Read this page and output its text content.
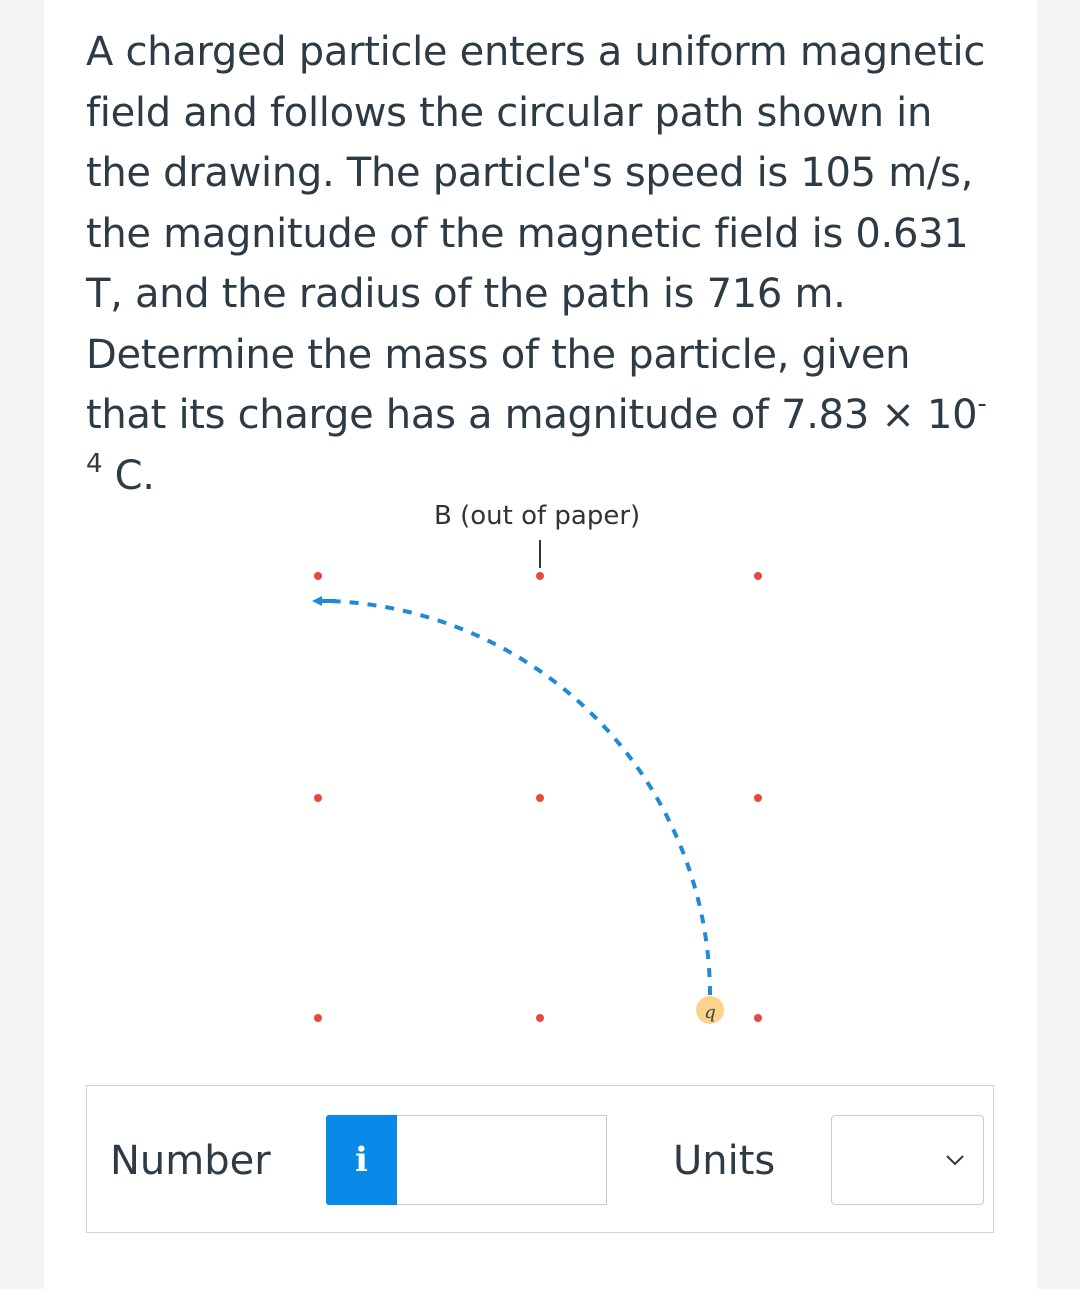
A charged particle enters a uniform magnetic field and follows the circular path shown in the drawing. The particle's speed is 105 m/s, the magnitude of the magnetic field is 0.631 T, and the radius of the path is 716 m. Determine the mass of the particle, given that its charge has a magnitude of $7.83 \times 10^{-4}$ C.

B (out of paper)
q
Number i	Units
